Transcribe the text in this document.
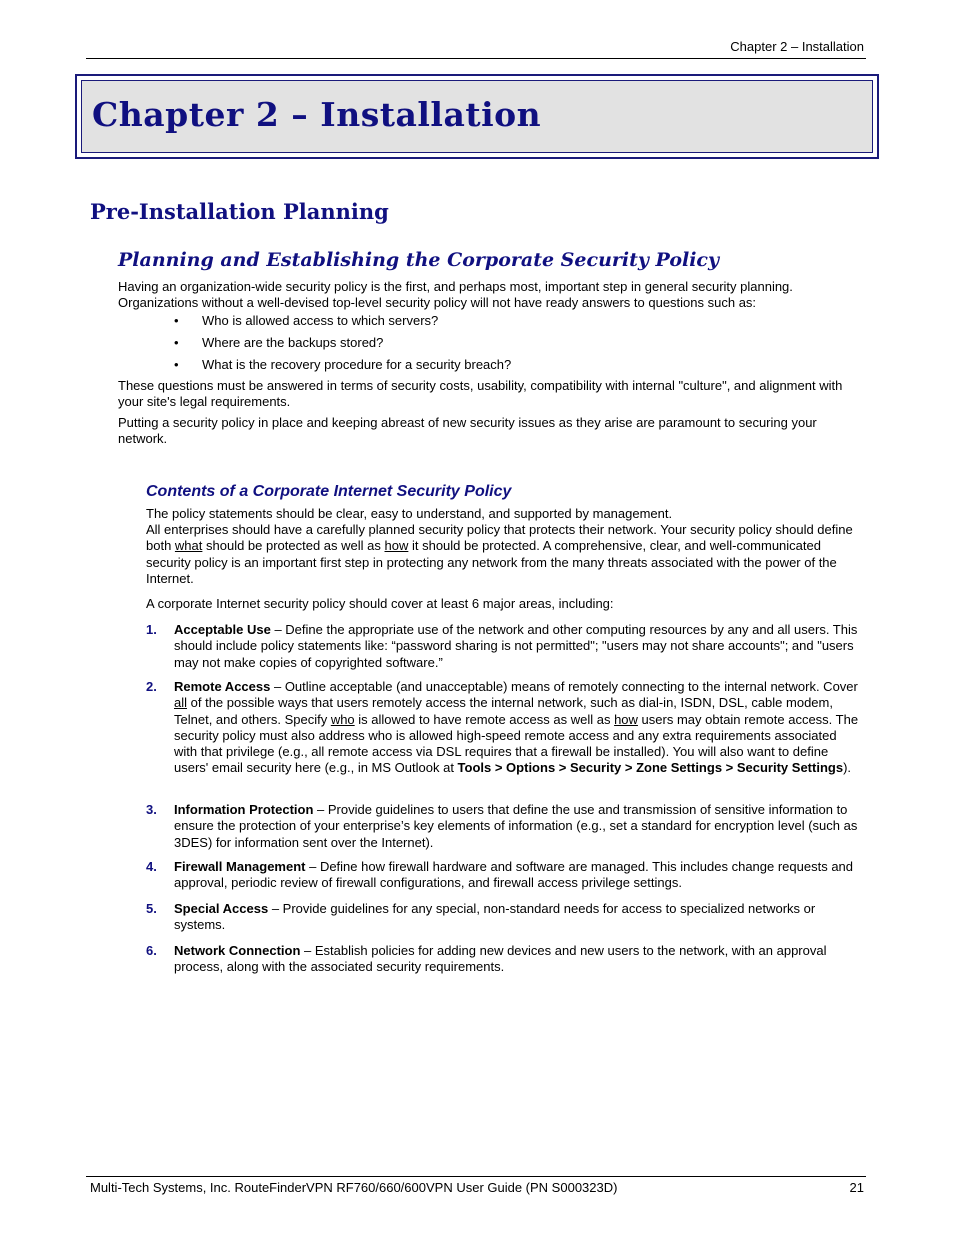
Chapter 2 – Installation
Chapter 2 – Installation
Pre-Installation Planning
Planning and Establishing the Corporate Security Policy

Having an organization-wide security policy is the first, and perhaps most, important step in general security planning. Organizations without a well-devised top-level security policy will not have ready answers to questions such as:

• Who is allowed access to which servers?
• Where are the backups stored?
• What is the recovery procedure for a security breach?

These questions must be answered in terms of security costs, usability, compatibility with internal "culture", and alignment with your site's legal requirements.

Putting a security policy in place and keeping abreast of new security issues as they arise are paramount to securing your network.

Contents of a Corporate Internet Security Policy

The policy statements should be clear, easy to understand, and supported by management.

All enterprises should have a carefully planned security policy that protects their network. Your security policy should define both what should be protected as well as how it should be protected. A comprehensive, clear, and well-communicated security policy is an important first step in protecting any network from the many threats associated with the power of the Internet.

A corporate Internet security policy should cover at least 6 major areas, including:

1. Acceptable Use – Define the appropriate use of the network and other computing resources by any and all users. This should include policy statements like: “password sharing is not permitted"; "users may not share accounts"; and "users may not make copies of copyrighted software.”
2. Remote Access – Outline acceptable (and unacceptable) means of remotely connecting to the internal network. Cover all of the possible ways that users remotely access the internal network, such as dial-in, ISDN, DSL, cable modem, Telnet, and others. Specify who is allowed to have remote access as well as how users may obtain remote access. The security policy must also address who is allowed high-speed remote access and any extra requirements associated with that privilege (e.g., all remote access via DSL requires that a firewall be installed). You will also want to define users' email security here (e.g., in MS Outlook at Tools > Options > Security > Zone Settings > Security Settings).
3. Information Protection – Provide guidelines to users that define the use and transmission of sensitive information to ensure the protection of your enterprise’s key elements of information (e.g., set a standard for encryption level (such as 3DES) for information sent over the Internet).
4. Firewall Management – Define how firewall hardware and software are managed. This includes change requests and approval, periodic review of firewall configurations, and firewall access privilege settings.
5. Special Access – Provide guidelines for any special, non-standard needs for access to specialized networks or systems.
6. Network Connection – Establish policies for adding new devices and new users to the network, with an approval process, along with the associated security requirements.
Multi-Tech Systems, Inc. RouteFinderVPN RF760/660/600VPN User Guide (PN S000323D)	21
